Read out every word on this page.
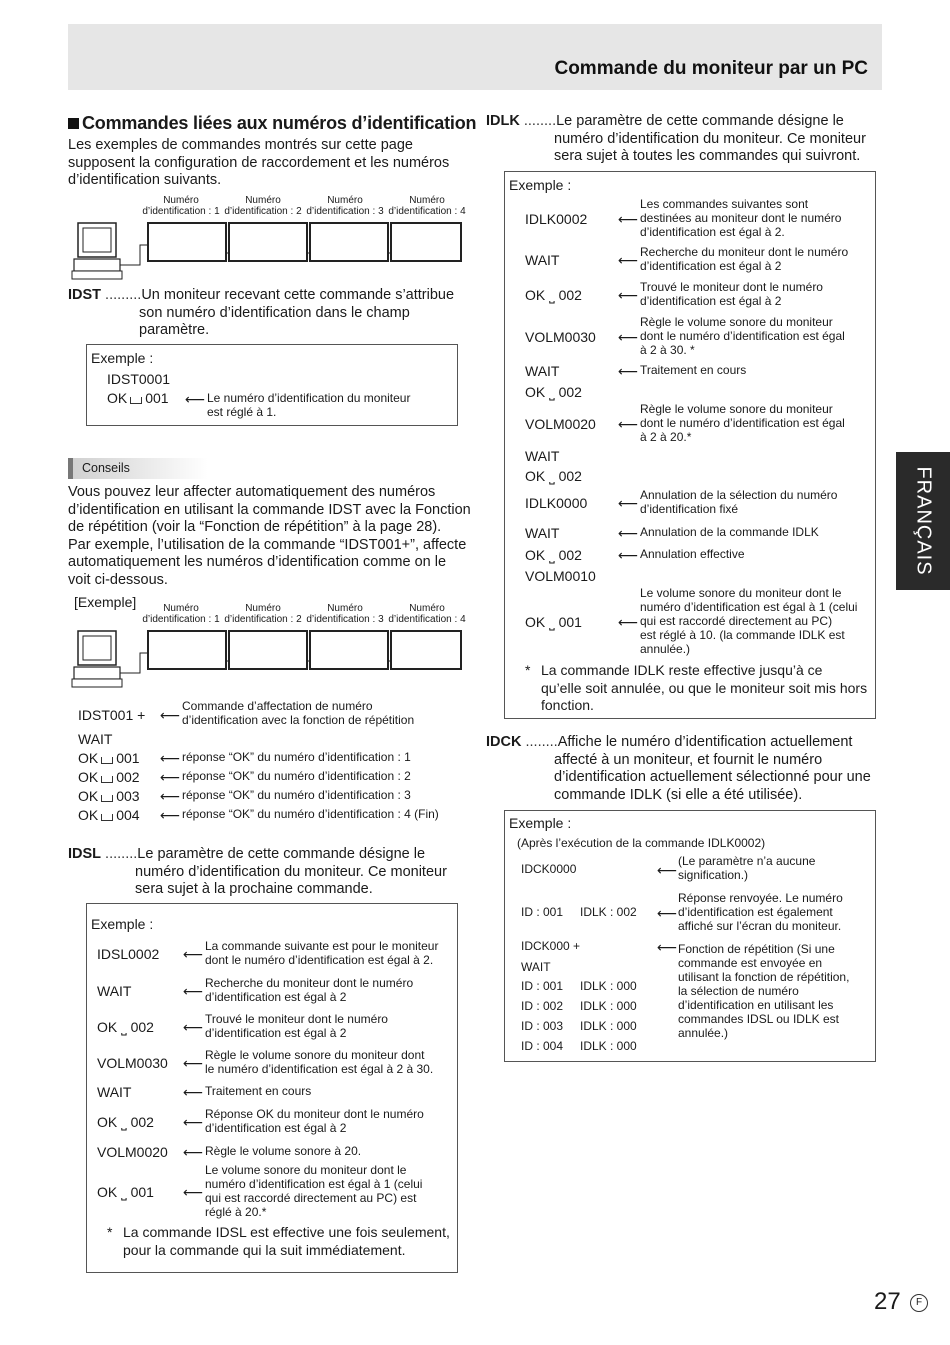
Commande du moniteur par un PC
FRANÇAIS
Commandes liées aux numéros d’identification
Les exemples de commandes montrés sur cette page
supposent la configuration de raccordement et les numéros
d’identification suivants.
Numéro
d’identification : 1
Numéro
d’identification : 2
Numéro
d’identification : 3
Numéro
d’identification : 4
IDST .........Un moniteur recevant cette commande s’attribue
son numéro d’identification dans le champ
paramètre.
Exemple :
IDST0001
OK 001 ⟵ Le numéro d’identification du moniteur
est réglé à 1.
Conseils
Vous pouvez leur affecter automatiquement des numéros
d’identification en utilisant la commande IDST avec la Fonction
de répétition (voir la “Fonction de répétition” à la page 28).
Par exemple, l’utilisation de la commande “IDST001+”, affecte
automatiquement les numéros d’identification comme on le
voit ci-dessous.
[Exemple]	Numéro
d’identification : 1
Numéro
d’identification : 2
Numéro
d’identification : 3
Numéro
d’identification : 4
IDST001 + ⟵
Commande d’affectation de numéro
d’identification avec la fonction de répétition
WAIT
OK 001 ⟵ réponse “OK” du numéro d’identification : 1
OK 002 ⟵ réponse “OK” du numéro d’identification : 2
OK 003 ⟵ réponse “OK” du numéro d’identification : 3
OK 004 ⟵ réponse “OK” du numéro d’identification : 4 (Fin)
IDSL ........Le paramètre de cette commande désigne le
numéro d’identification du moniteur. Ce moniteur
sera sujet à la prochaine commande.
Exemple :
* La commande IDSL est effective une fois seulement,
pour la commande qui la suit immédiatement.
IDSL0002 ⟵ La commande suivante est pour le moniteur
dont le numéro d’identification est égal à 2.
WAIT	⟵ Recherche du moniteur dont le numéro
d’identification est égal à 2
OK ⎵ 002 ⟵ Trouvé le moniteur dont le numéro
d’identification est égal à 2
VOLM0030 ⟵ Règle le volume sonore du moniteur dont
le numéro d’identification est égal à 2 à 30.
WAIT	⟵ Traitement en cours
OK ⎵ 002 ⟵ Réponse OK du moniteur dont le numéro
d’identification est égal à 2
VOLM0020 ⟵ Règle le volume sonore à 20.
OK ⎵ 001 ⟵
Le volume sonore du moniteur dont le
numéro d’identification est égal à 1 (celui
qui est raccordé directement au PC) est
réglé à 20.*
IDLK ........Le paramètre de cette commande désigne le
numéro d’identification du moniteur. Ce moniteur
sera sujet à toutes les commandes qui suivront.
Exemple :
* La commande IDLK reste effective jusqu’à ce
qu’elle soit annulée, ou que le moniteur soit mis hors
fonction.
IDLK0002 ⟵
Les commandes suivantes sont
destinées au moniteur dont le numéro
d’identification est égal à 2.
WAIT	⟵ Recherche du moniteur dont le numéro
d’identification est égal à 2
OK ⎵ 002	⟵ Trouvé le moniteur dont le numéro
d’identification est égal à 2
VOLM0030 ⟵
Règle le volume sonore du moniteur
dont le numéro d’identification est égal
à 2 à 30. *
WAIT	⟵ Traitement en cours
OK ⎵ 002
VOLM0020 ⟵
Règle le volume sonore du moniteur
dont le numéro d’identification est égal
à 2 à 20.*
WAIT
OK ⎵ 002
IDLK0000 ⟵ Annulation de la sélection du numéro
d’identification fixé
WAIT	⟵ Annulation de la commande IDLK
OK ⎵ 002	⟵ Annulation effective
VOLM0010
OK ⎵ 001	⟵
Le volume sonore du moniteur dont le
numéro d’identification est égal à 1 (celui
qui est raccordé directement au PC)
est réglé à 10. (la commande IDLK est
annulée.)
IDCK ........Affiche le numéro d’identification actuellement
affecté à un moniteur, et fournit le numéro
d’identification actuellement sélectionné pour une
commande IDLK (si elle a été utilisée).
Exemple :
(Après l’exécution de la commande IDLK0002)
IDCK0000	⟵
(Le paramètre n’a aucune
signification.)
ID : 001 IDLK : 002 ⟵
Réponse renvoyée. Le numéro
d’identification est également
affiché sur l’écran du moniteur.
IDCK000 +	⟵ Fonction de répétition (Si une
commande est envoyée en
utilisant la fonction de répétition,
la sélection de numéro
d’identification en utilisant les
commandes IDSL ou IDLK est
annulée.)
WAIT
ID : 001 IDLK : 000
ID : 002 IDLK : 000
ID : 003 IDLK : 000
ID : 004 IDLK : 000
27	F
